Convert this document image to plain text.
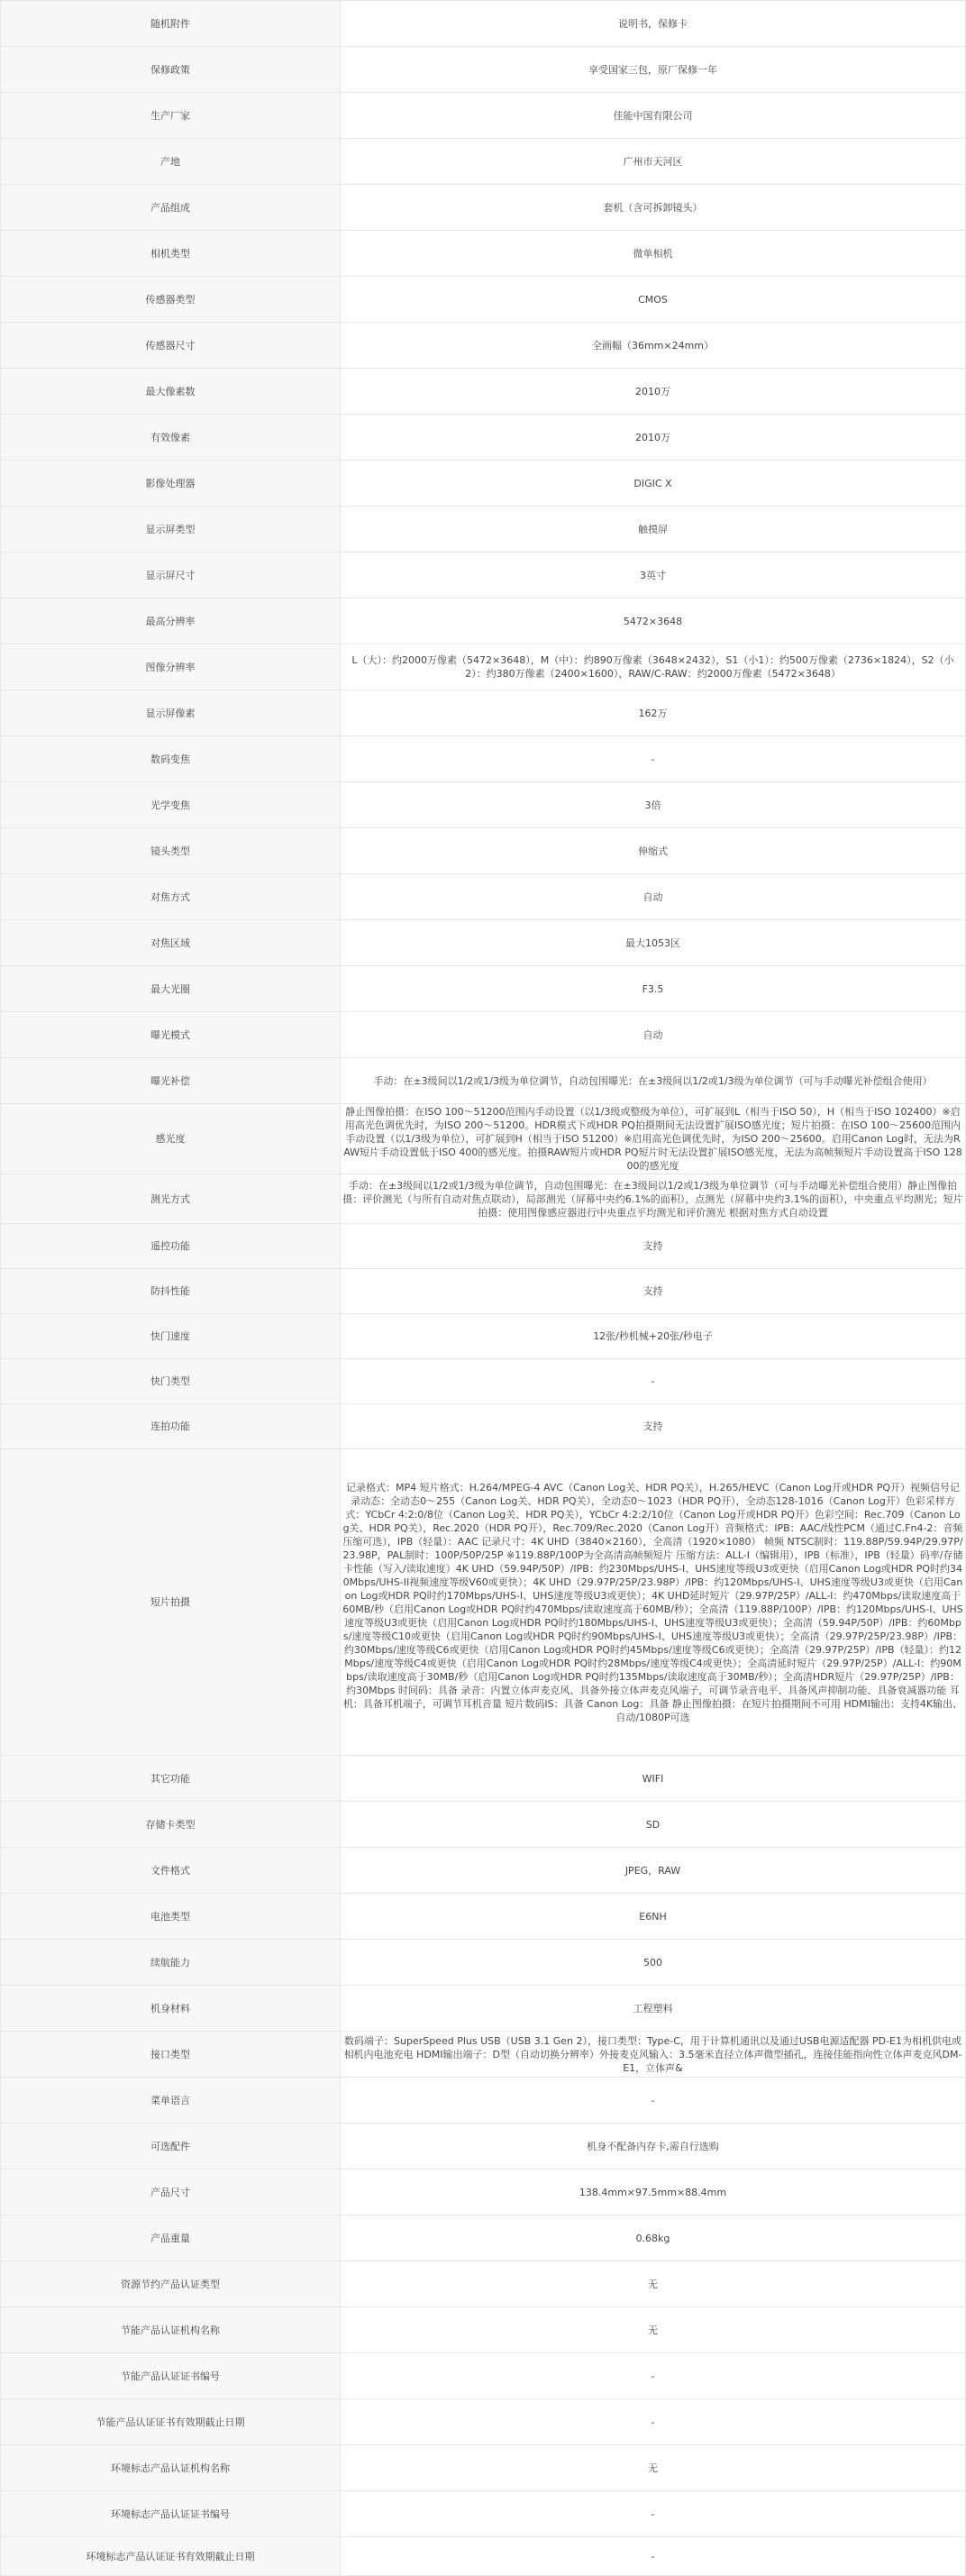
随机附件	说明书，保修卡
保修政策	享受国家三包，原厂保修一年
生产厂家	佳能中国有限公司
产地	广州市天河区
产品组成	套机（含可拆卸镜头）
相机类型	微单相机
传感器类型	CMOS
传感器尺寸	全画幅（36mm×24mm）
最大像素数	2010万
有效像素	2010万
影像处理器	DIGIC X
显示屏类型	触摸屏
显示屏尺寸	3英寸
最高分辨率	5472×3648
图像分辨率	L（大）：约2000万像素（5472×3648），M（中）：约890万像素（3648×2432），S1（小1）：约500万像素（2736×1824），S2（小2）：约380万像素（2400×1600），RAW/C-RAW：约2000万像素（5472×3648）
显示屏像素	162万
数码变焦	-
光学变焦	3倍
镜头类型	伸缩式
对焦方式	自动
对焦区域	最大1053区
最大光圈	F3.5
曝光模式	自动
曝光补偿	手动：在±3级间以1/2或1/3级为单位调节，自动包围曝光：在±3级间以1/2或1/3级为单位调节（可与手动曝光补偿组合使用）
感光度	静止图像拍摄：在ISO 100～51200范围内手动设置（以1/3级或整级为单位），可扩展到L（相当于ISO 50），H（相当于ISO 102400）※启用高光色调优先时，为ISO 200～51200。HDR模式下或HDR PQ拍摄期间无法设置扩展ISO感光度；短片拍摄：在ISO 100～25600范围内手动设置（以1/3级为单位），可扩展到H（相当于ISO 51200）※启用高光色调优先时，为ISO 200～25600。启用Canon Log时，无法为RAW短片手动设置低于ISO 400的感光度。拍摄RAW短片或HDR PQ短片时无法设置扩展ISO感光度，无法为高帧频短片手动设置高于ISO 12800的感光度
测光方式	手动：在±3级间以1/2或1/3级为单位调节，自动包围曝光：在±3级间以1/2或1/3级为单位调节（可与手动曝光补偿组合使用）静止图像拍摄：评价测光（与所有自动对焦点联动），局部测光（屏幕中央约6.1%的面积），点测光（屏幕中央约3.1%的面积），中央重点平均测光；短片拍摄：使用图像感应器进行中央重点平均测光和评价测光 根据对焦方式自动设置
遥控功能	支持
防抖性能	支持
快门速度	12张/秒机械+20张/秒电子
快门类型	-
连拍功能	支持
短片拍摄	记录格式：MP4 短片格式：H.264/MPEG-4 AVC（Canon Log关、HDR PQ关），H.265/HEVC（Canon Log开或HDR PQ开）视频信号记录动态：全动态0～255（Canon Log关、HDR PQ关），全动态0～1023（HDR PQ开），全动态128-1016（Canon Log开）色彩采样方式：YCbCr 4:2:0/8位（Canon Log关、HDR PQ关），YCbCr 4:2:2/10位（Canon Log开或HDR PQ开）色彩空间：Rec.709（Canon Log关、HDR PQ关），Rec.2020（HDR PQ开），Rec.709/Rec.2020（Canon Log开）音频格式：IPB：AAC/线性PCM（通过C.Fn4-2：音频压缩可选），IPB（轻量）：AAC 记录尺寸：4K UHD（3840×2160），全高清（1920×1080） 帧频 NTSC制时：119.88P/59.94P/29.97P/23.98P，PAL制时：100P/50P/25P ※119.88P/100P为全高清高帧频短片 压缩方法：ALL-I（编辑用），IPB（标准），IPB（轻量）码率/存储卡性能（写入/读取速度）4K UHD（59.94P/50P）/IPB：约230Mbps/UHS-I、UHS速度等级U3或更快（启用Canon Log或HDR PQ时约340Mbps/UHS-II视频速度等级V60或更快）；4K UHD（29.97P/25P/23.98P）/IPB：约120Mbps/UHS-I、UHS速度等级U3或更快（启用Canon Log或HDR PQ时约170Mbps/UHS-I、UHS速度等级U3或更快）；4K UHD延时短片（29.97P/25P）/ALL-I：约470Mbps/读取速度高于60MB/秒（启用Canon Log或HDR PQ时约470Mbps/读取速度高于60MB/秒）；全高清（119.88P/100P）/IPB：约120Mbps/UHS-I、UHS速度等级U3或更快（启用Canon Log或HDR PQ时约180Mbps/UHS-I、UHS速度等级U3或更快）；全高清（59.94P/50P）/IPB：约60Mbps/速度等级C10或更快（启用Canon Log或HDR PQ时约90Mbps/UHS-I、UHS速度等级U3或更快）；全高清（29.97P/25P/23.98P）/IPB：约30Mbps/速度等级C6或更快（启用Canon Log或HDR PQ时约45Mbps/速度等级C6或更快）；全高清（29.97P/25P）/IPB（轻量）：约12Mbps/速度等级C4或更快（启用Canon Log或HDR PQ时约28Mbps/速度等级C4或更快）；全高清延时短片（29.97P/25P）/ALL-I：约90Mbps/读取速度高于30MB/秒（启用Canon Log或HDR PQ时约135Mbps/读取速度高于30MB/秒）；全高清HDR短片（29.97P/25P）/IPB：约30Mbps 时间码：具备 录音：内置立体声麦克风、具备外接立体声麦克风端子，可调节录音电平、具备风声抑制功能、具备衰减器功能 耳机：具备耳机端子，可调节耳机音量 短片数码IS：具备 Canon Log：具备 静止图像拍摄：在短片拍摄期间不可用 HDMI输出：支持4K输出、自动/1080P可选
其它功能	WIFI
存储卡类型	SD
文件格式	JPEG，RAW
电池类型	E6NH
续航能力	500
机身材料	工程塑料
接口类型	数码端子：SuperSpeed Plus USB（USB 3.1 Gen 2），接口类型：Type-C，用于计算机通讯以及通过USB电源适配器 PD-E1为相机供电或相机内电池充电 HDMI输出端子：D型（自动切换分辨率）外接麦克风输入：3.5毫米直径立体声微型插孔，连接佳能指向性立体声麦克风DM-E1，立体声&
菜单语言	-
可选配件	机身不配备内存卡,需自行选购
产品尺寸	138.4mm×97.5mm×88.4mm
产品重量	0.68kg
资源节约产品认证类型	无
节能产品认证机构名称	无
节能产品认证证书编号	-
节能产品认证证书有效期截止日期	-
环境标志产品认证机构名称	无
环境标志产品认证证书编号	-
环境标志产品认证证书有效期截止日期	-
